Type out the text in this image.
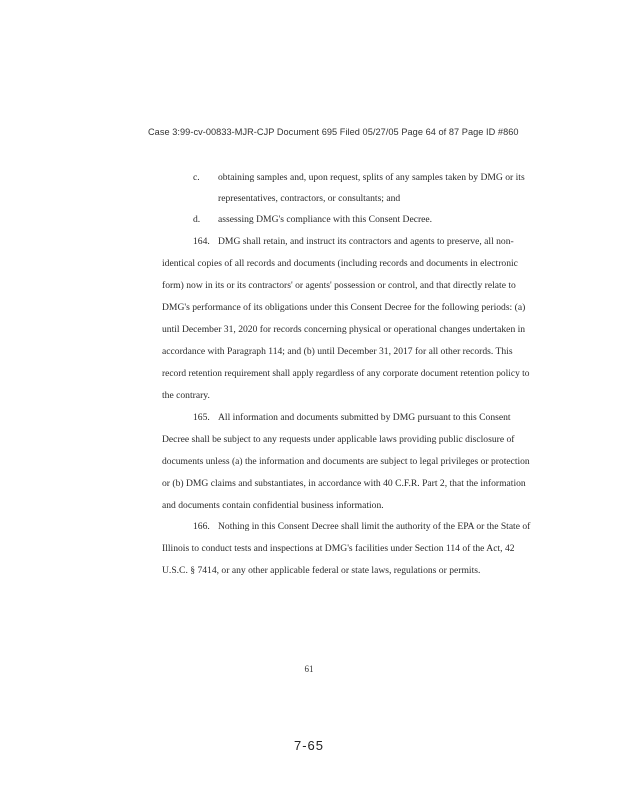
Case 3:99-cv-00833-MJR-CJP Document 695 Filed 05/27/05 Page 64 of 87 Page ID #860
c. obtaining samples and, upon request, splits of any samples taken by DMG or its
representatives, contractors, or consultants; and
d. assessing DMG's compliance with this Consent Decree.
164. DMG shall retain, and instruct its contractors and agents to preserve, all non-
identical copies of all records and documents (including records and documents in electronic
form) now in its or its contractors' or agents' possession or control, and that directly relate to
DMG's performance of its obligations under this Consent Decree for the following periods: (a)
until December 31, 2020 for records concerning physical or operational changes undertaken in
accordance with Paragraph 114; and (b) until December 31, 2017 for all other records. This
record retention requirement shall apply regardless of any corporate document retention policy to
the contrary.
165. All information and documents submitted by DMG pursuant to this Consent
Decree shall be subject to any requests under applicable laws providing public disclosure of
documents unless (a) the information and documents are subject to legal privileges or protection
or (b) DMG claims and substantiates, in accordance with 40 C.F.R. Part 2, that the information
and documents contain confidential business information.
166. Nothing in this Consent Decree shall limit the authority of the EPA or the State of
Illinois to conduct tests and inspections at DMG's facilities under Section 114 of the Act, 42
U.S.C. § 7414, or any other applicable federal or state laws, regulations or permits.
61
7-65
